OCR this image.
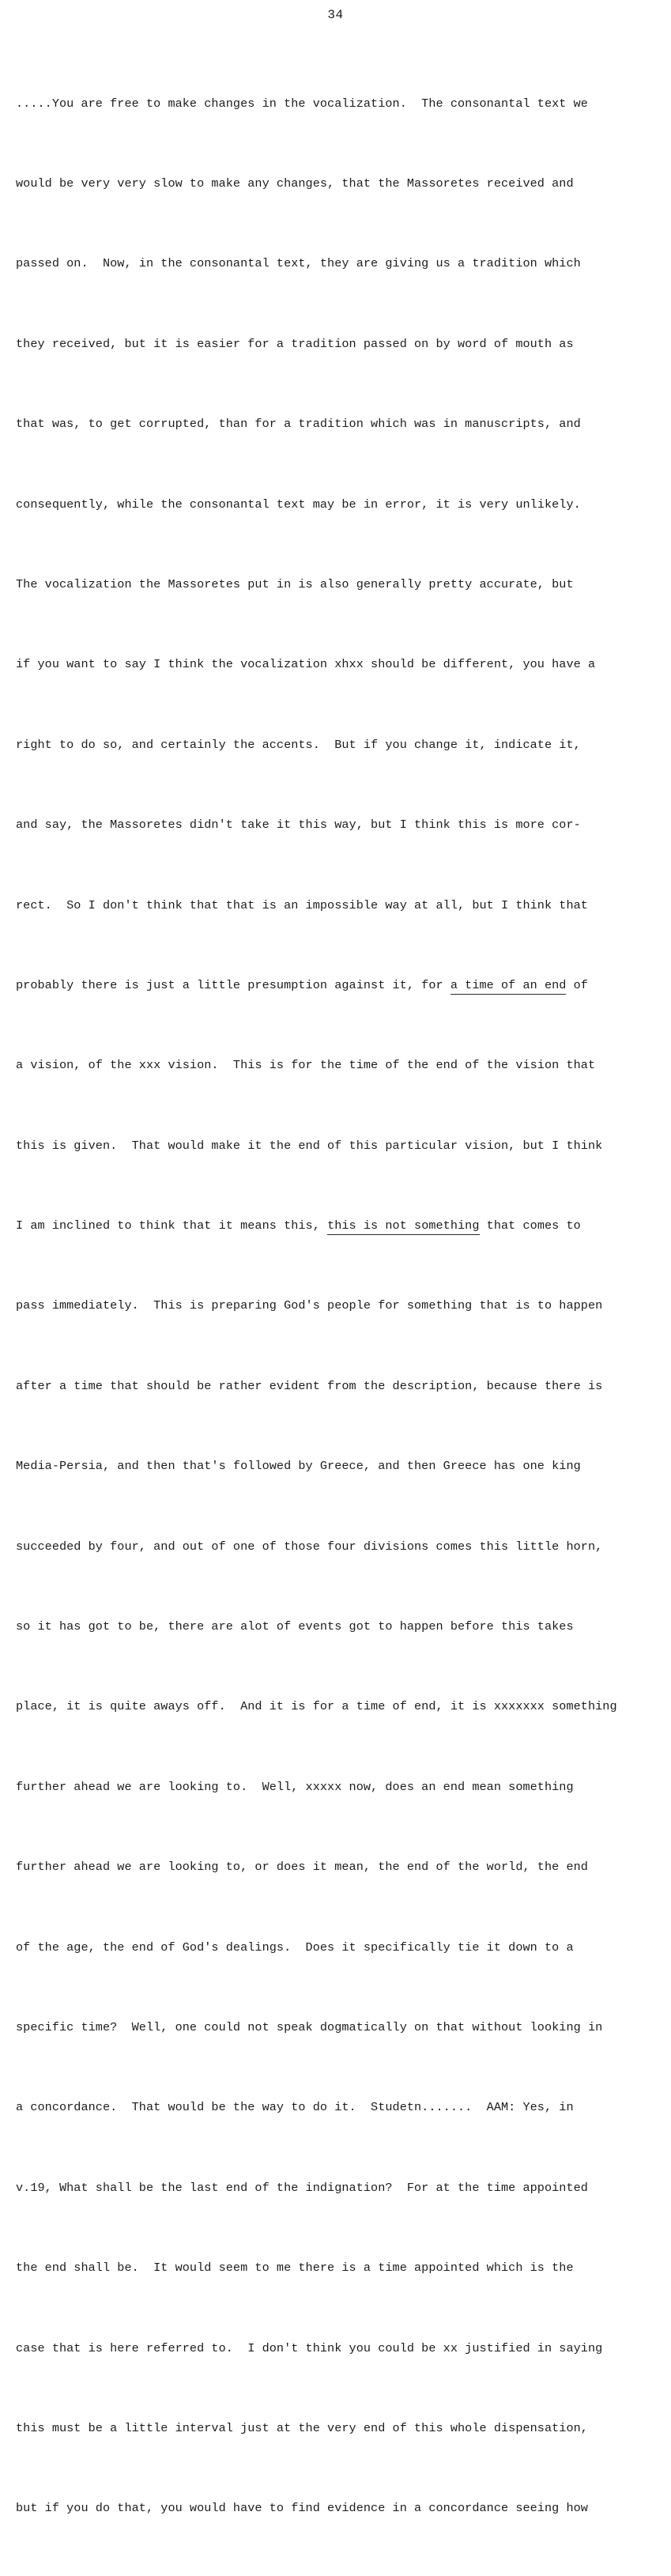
34

.....You are free to make changes in the vocalization.  The consonantal text we

would be very very slow to make any changes, that the Massoretes received and

passed on.  Now, in the consonantal text, they are giving us a tradition which

they received, but it is easier for a tradition passed on by word of mouth as

that was, to get corrupted, than for a tradition which was in manuscripts, and

consequently, while the consonantal text may be in error, it is very unlikely.

The vocalization the Massoretes put in is also generally pretty accurate, but

if you want to say I think the vocalization xhxx should be different, you have a

right to do so, and certainly the accents.  But if you change it, indicate it,

and say, the Massoretes didn't take it this way, but I think this is more cor-

rect.  So I don't think that that is an impossible way at all, but I think that

probably there is just a little presumption against it, for a time of an end of

a vision, of the xxx vision.  This is for the time of the end of the vision that

this is given.  That would make it the end of this particular vision, but I think

I am inclined to think that it means this, this is not something that comes to

pass immediately.  This is preparing God's people for something that is to happen

after a time that should be rather evident from the description, because there is

Media-Persia, and then that's followed by Greece, and then Greece has one king

succeeded by four, and out of one of those four divisions comes this little horn,

so it has got to be, there are alot of events got to happen before this takes

place, it is quite aways off.  And it is for a time of end, it is xxxxxxx something

further ahead we are looking to.  Well, xxxxx now, does an end mean something

further ahead we are looking to, or does it mean, the end of the world, the end

of the age, the end of God's dealings.  Does it specifically tie it down to a

specific time?  Well, one could not speak dogmatically on that without looking in

a concordance.  That would be the way to do it.  Studetn.......  AAM: Yes, in

v.19, What shall be the last end of the indignation?  For at the time appointed

the end shall be.  It would seem to me there is a time appointed which is the

case that is here referred to.  I don't think you could be xx justified in saying

this must be a little interval just at the very end of this whole dispensation,

but if you do that, you would have to find evidence in a concordance seeing how
